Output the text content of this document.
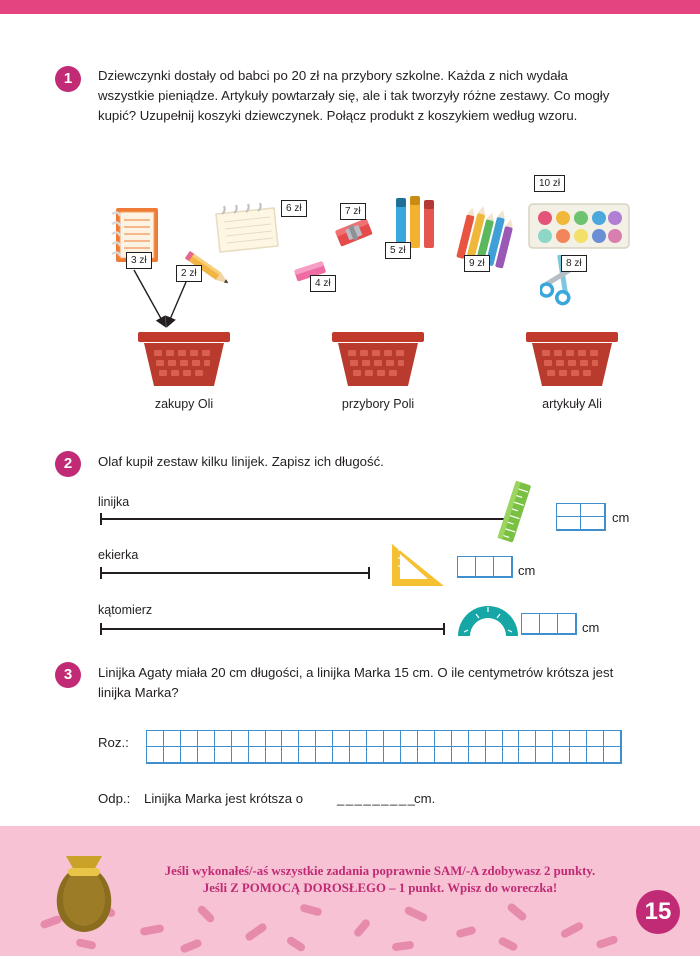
1	Dziewczynki dostały od babci po 20 zł na przybory szkolne. Każda z nich wydała wszystkie pieniądze. Artykuły powtarzały się, ale i tak tworzyły różne zestawy. Co mogły kupić? Uzupełnij koszyki dziewczynek. Połącz produkt z koszykiem według wzoru.
3 zł
2 zł
6 zł
4 zł
7 zł
5 zł
9 zł
10 zł
8 zł
zakupy Oli	przybory Poli	artykuły Ali
2	Olaf kupił zestaw kilku linijek. Zapisz ich długość.
linijka
cm
ekierka
cm
kątomierz
cm
3	Linijka Agaty miała 20 cm długości, a linijka Marka 15 cm. O ile centymetrów krótsza jest linijka Marka?
Roz.:
Odp.: Linijka Marka jest krótsza o	_________
cm.
Jeśli wykonałeś/-aś wszystkie zadania poprawnie SAM/-A zdobywasz 2 punkty.
Jeśli Z POMOCĄ DOROSŁEGO – 1 punkt. Wpisz do woreczka!
15
